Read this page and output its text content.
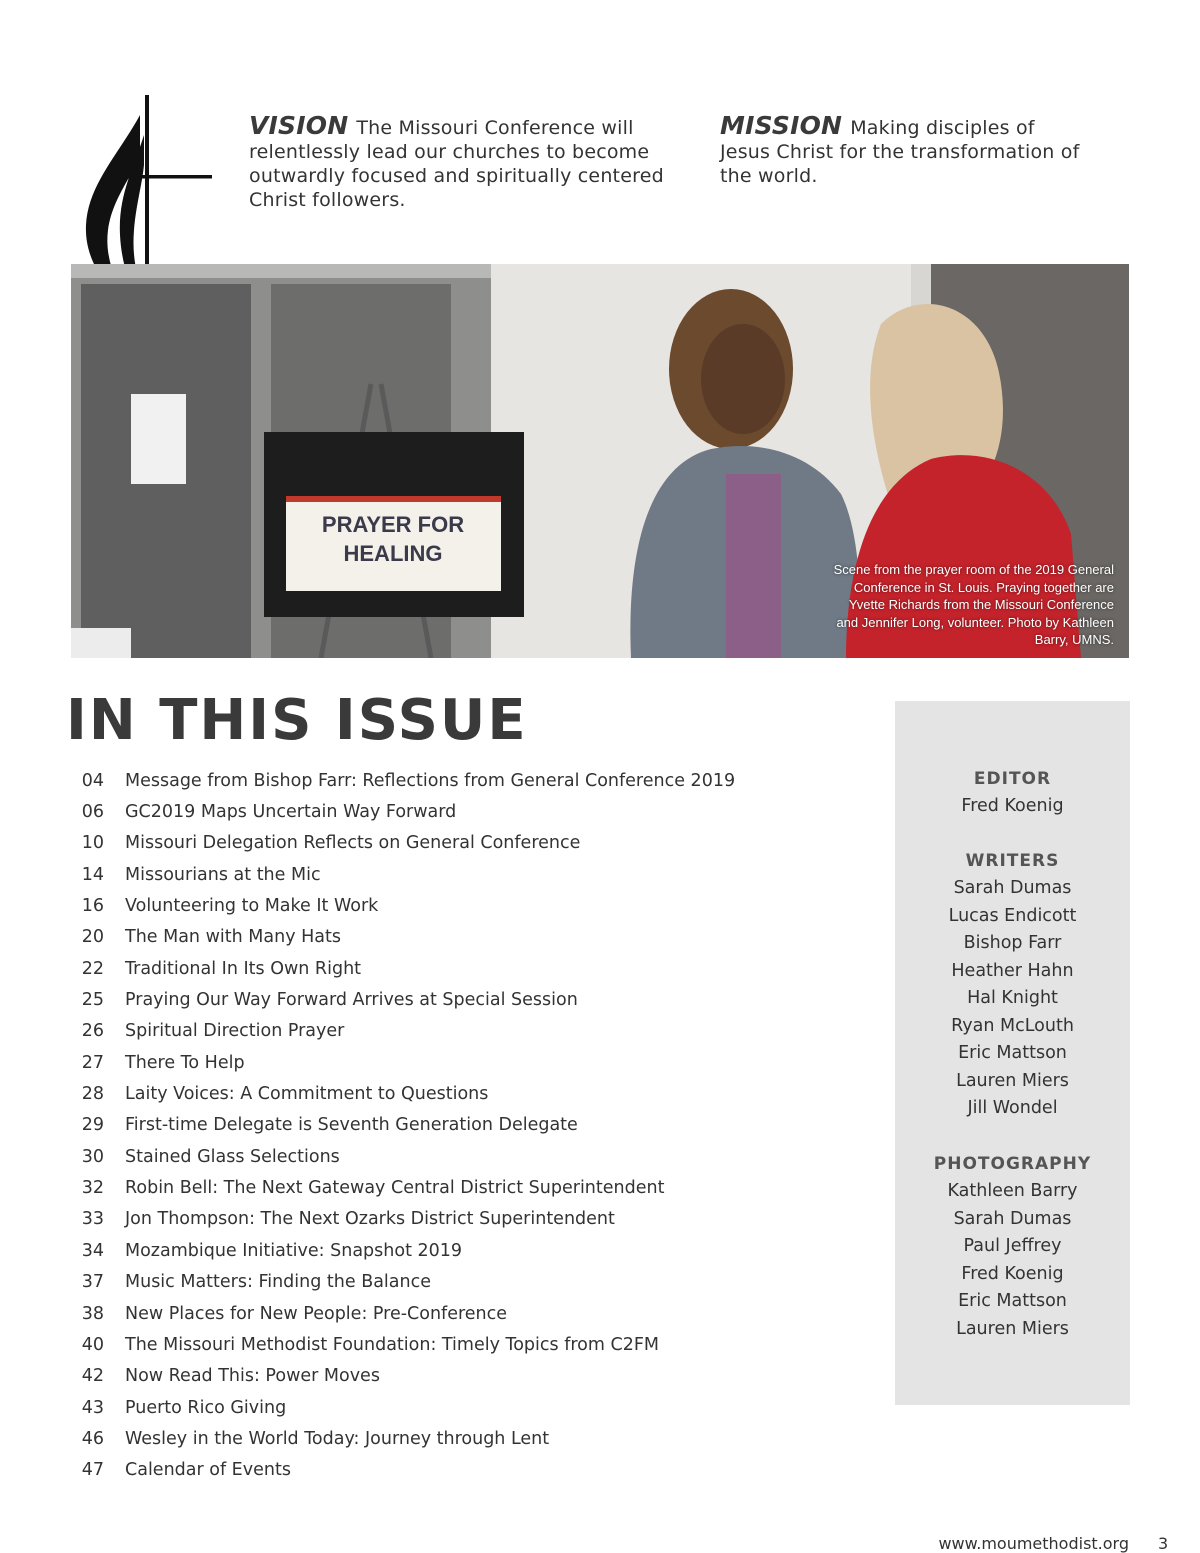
VISION The Missouri Conference will relentlessly lead our churches to become outwardly focused and spiritually centered Christ followers.
MISSION Making disciples of Jesus Christ for the transformation of the world.
PRAYER FOR
HEALING
Scene from the prayer room of the 2019 General Conference in St. Louis. Praying together are Yvette Richards from the Missouri Conference and Jennifer Long, volunteer. Photo by Kathleen Barry, UMNS.
IN THIS ISSUE
04 Message from Bishop Farr: Reflections from General Conference 2019
06 GC2019 Maps Uncertain Way Forward
10 Missouri Delegation Reflects on General Conference
14 Missourians at the Mic
16 Volunteering to Make It Work
20 The Man with Many Hats
22 Traditional In Its Own Right
25 Praying Our Way Forward Arrives at Special Session
26 Spiritual Direction Prayer
27 There To Help
28 Laity Voices: A Commitment to Questions
29 First-time Delegate is Seventh Generation Delegate
30 Stained Glass Selections
32 Robin Bell: The Next Gateway Central District Superintendent
33 Jon Thompson: The Next Ozarks District Superintendent
34 Mozambique Initiative: Snapshot 2019
37 Music Matters: Finding the Balance
38 New Places for New People: Pre-Conference
40 The Missouri Methodist Foundation: Timely Topics from C2FM
42 Now Read This: Power Moves
43 Puerto Rico Giving
46 Wesley in the World Today: Journey through Lent
47 Calendar of Events
EDITOR
Fred Koenig
WRITERS
Sarah Dumas
Lucas Endicott
Bishop Farr
Heather Hahn
Hal Knight
Ryan McLouth
Eric Mattson
Lauren Miers
Jill Wondel
PHOTOGRAPHY
Kathleen Barry
Sarah Dumas
Paul Jeffrey
Fred Koenig
Eric Mattson
Lauren Miers
www.moumethodist.org 3
